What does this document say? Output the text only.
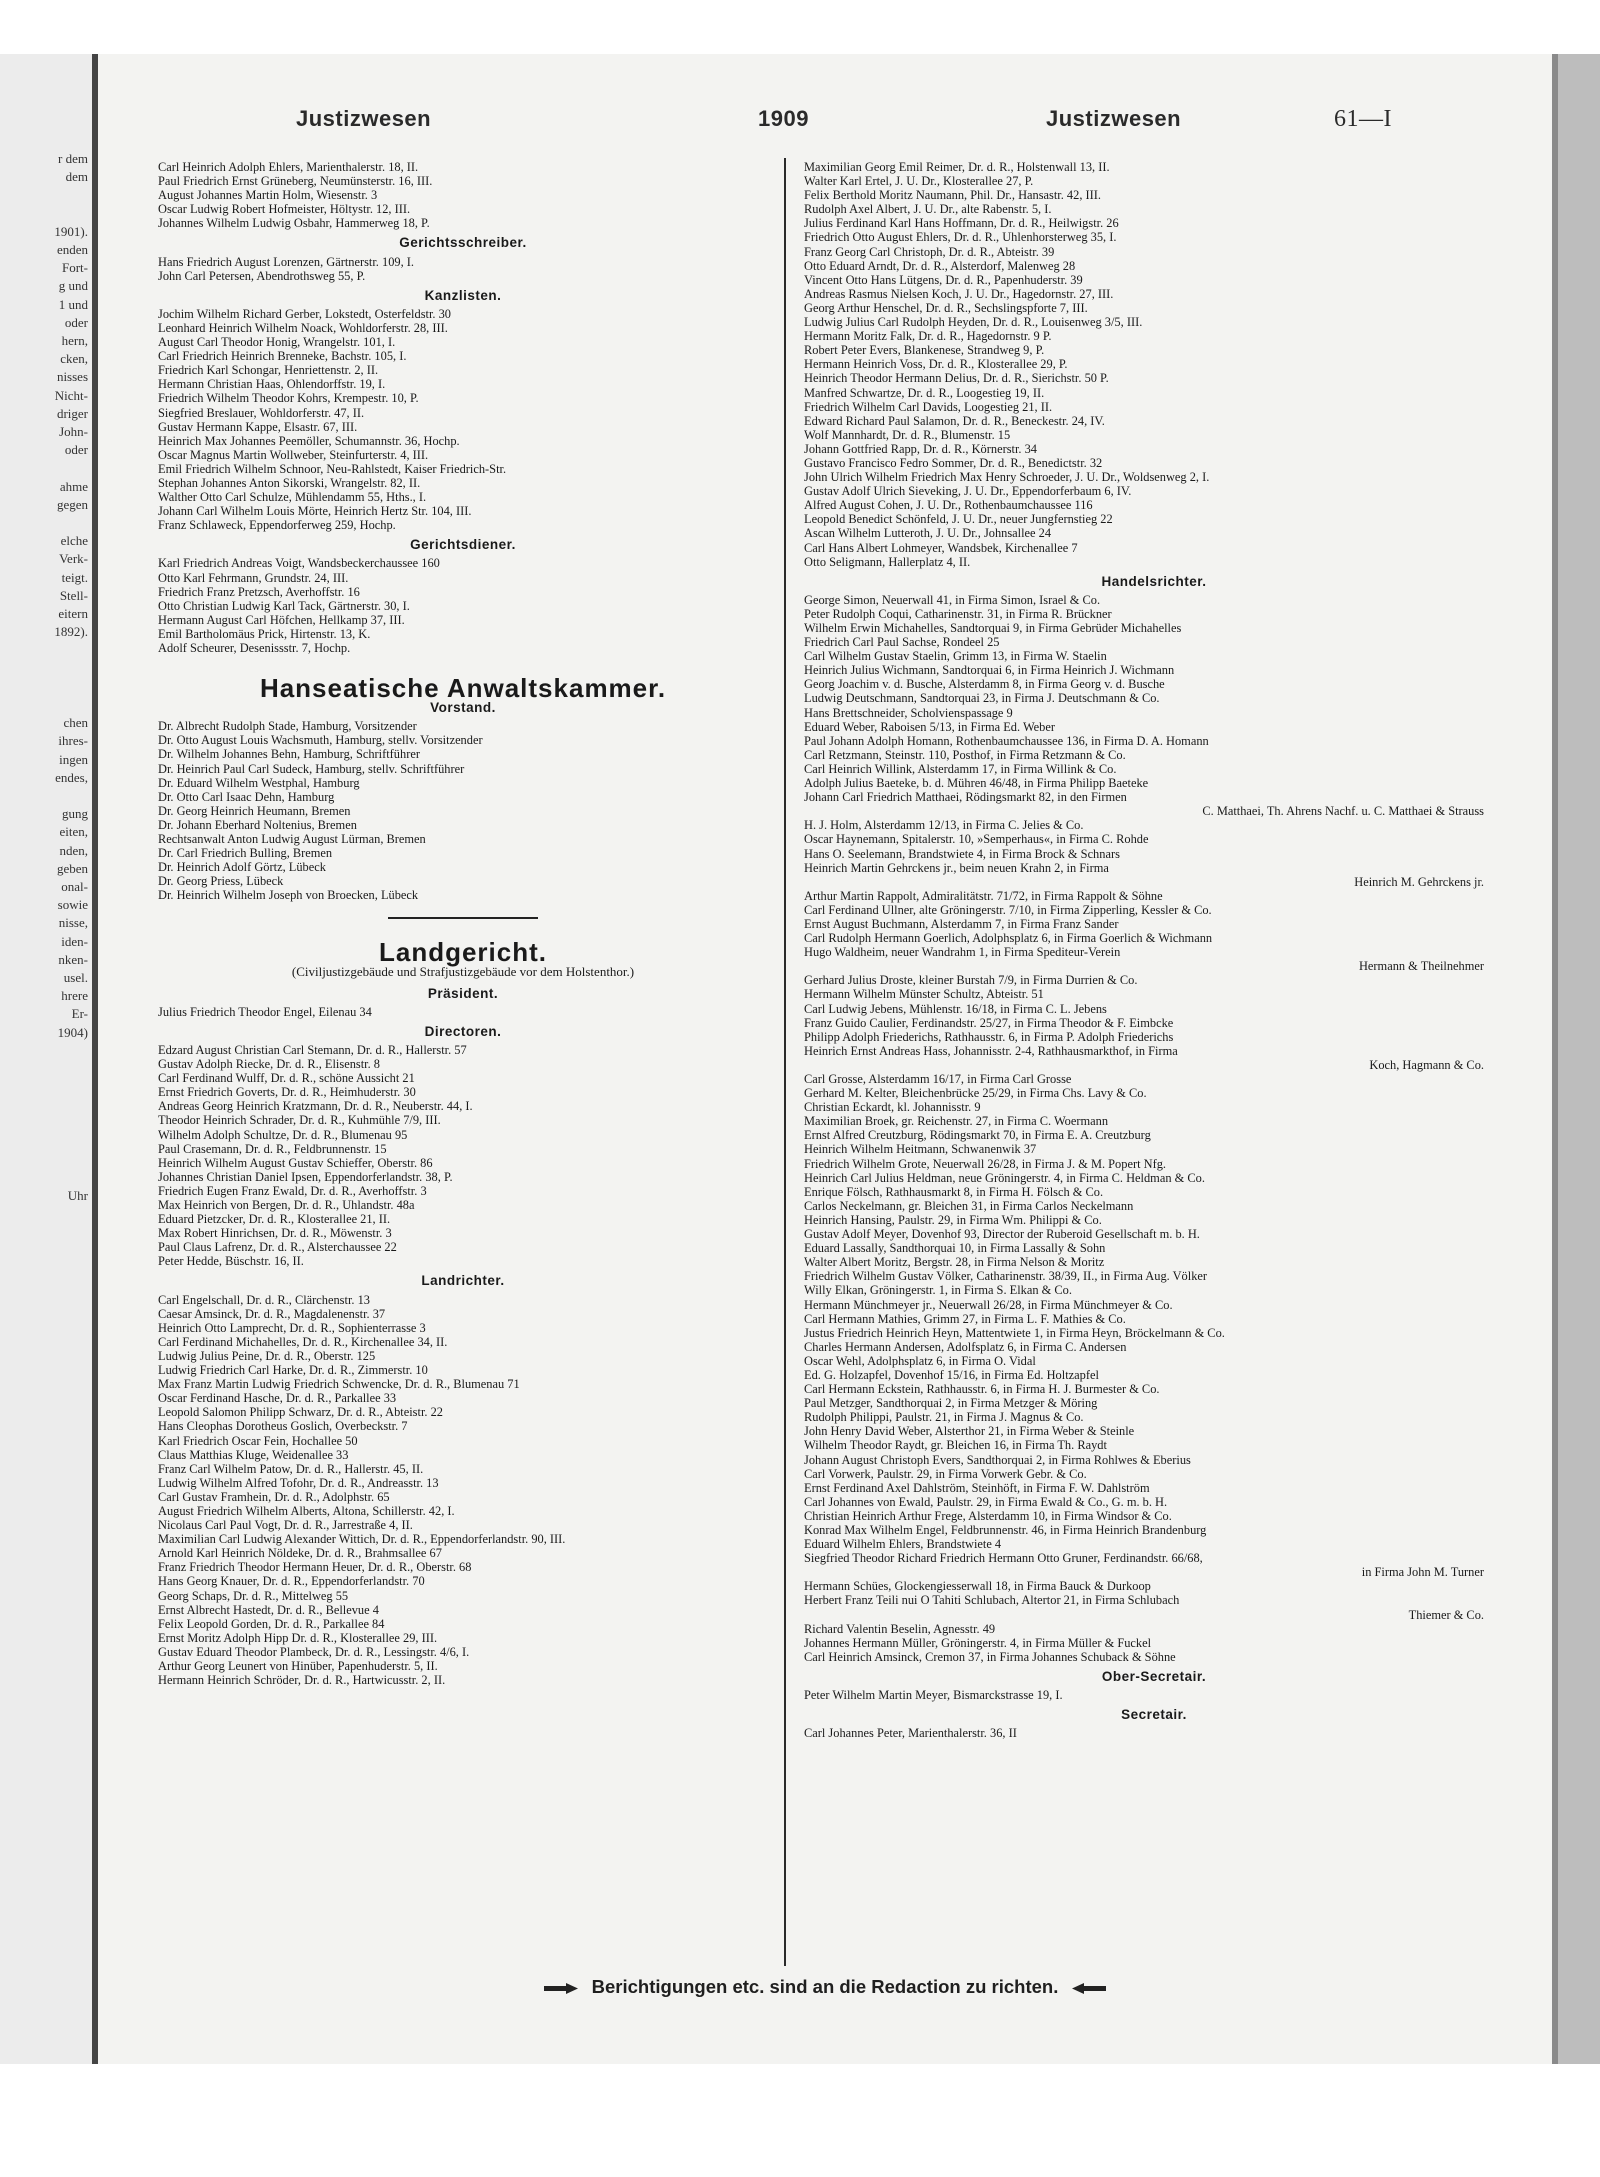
r dem
dem
1901).
enden
Fort-
g und
1 und
oder
hern,
cken,
nisses
Nicht-
driger
John-
oder
ahme
gegen
elche
Verk-
teigt.
Stell-
eitern
1892).
chen
ihres-
ingen
endes,
gung
eiten,
nden,
geben
onal-
sowie
nisse,
iden-
nken-
usel.
hrere
Er-
1904)
Uhr
Justizwesen	1909	Justizwesen	61—I
Carl Heinrich Adolph Ehlers, Marienthalerstr. 18, II.
Paul Friedrich Ernst Grüneberg, Neumünsterstr. 16, III.
August Johannes Martin Holm, Wiesenstr. 3
Oscar Ludwig Robert Hofmeister, Höltystr. 12, III.
Johannes Wilhelm Ludwig Osbahr, Hammerweg 18, P.
Gerichtsschreiber.
Hans Friedrich August Lorenzen, Gärtnerstr. 109, I.
John Carl Petersen, Abendrothsweg 55, P.
Kanzlisten.
Jochim Wilhelm Richard Gerber, Lokstedt, Osterfeldstr. 30
Leonhard Heinrich Wilhelm Noack, Wohldorferstr. 28, III.
August Carl Theodor Honig, Wrangelstr. 101, I.
Carl Friedrich Heinrich Brenneke, Bachstr. 105, I.
Friedrich Karl Schongar, Henriettenstr. 2, II.
Hermann Christian Haas, Ohlendorffstr. 19, I.
Friedrich Wilhelm Theodor Kohrs, Krempestr. 10, P.
Siegfried Breslauer, Wohldorferstr. 47, II.
Gustav Hermann Kappe, Elsastr. 67, III.
Heinrich Max Johannes Peemöller, Schumannstr. 36, Hochp.
Oscar Magnus Martin Wollweber, Steinfurterstr. 4, III.
Emil Friedrich Wilhelm Schnoor, Neu-Rahlstedt, Kaiser Friedrich-Str.
Stephan Johannes Anton Sikorski, Wrangelstr. 82, II.
Walther Otto Carl Schulze, Mühlendamm 55, Hths., I.
Johann Carl Wilhelm Louis Mörte, Heinrich Hertz Str. 104, III.
Franz Schlaweck, Eppendorferweg 259, Hochp.
Gerichtsdiener.
Karl Friedrich Andreas Voigt, Wandsbeckerchaussee 160
Otto Karl Fehrmann, Grundstr. 24, III.
Friedrich Franz Pretzsch, Averhoffstr. 16
Otto Christian Ludwig Karl Tack, Gärtnerstr. 30, I.
Hermann August Carl Höfchen, Hellkamp 37, III.
Emil Bartholomäus Prick, Hirtenstr. 13, K.
Adolf Scheurer, Desenissstr. 7, Hochp.
Hanseatische Anwaltskammer.
Vorstand.
Dr. Albrecht Rudolph Stade, Hamburg, Vorsitzender
Dr. Otto August Louis Wachsmuth, Hamburg, stellv. Vorsitzender
Dr. Wilhelm Johannes Behn, Hamburg, Schriftführer
Dr. Heinrich Paul Carl Sudeck, Hamburg, stellv. Schriftführer
Dr. Eduard Wilhelm Westphal, Hamburg
Dr. Otto Carl Isaac Dehn, Hamburg
Dr. Georg Heinrich Heumann, Bremen
Dr. Johann Eberhard Noltenius, Bremen
Rechtsanwalt Anton Ludwig August Lürman, Bremen
Dr. Carl Friedrich Bulling, Bremen
Dr. Heinrich Adolf Görtz, Lübeck
Dr. Georg Priess, Lübeck
Dr. Heinrich Wilhelm Joseph von Broecken, Lübeck
Landgericht.
(Civiljustizgebäude und Strafjustizgebäude vor dem Holstenthor.)
Präsident.
Julius Friedrich Theodor Engel, Eilenau 34
Directoren.
Edzard August Christian Carl Stemann, Dr. d. R., Hallerstr. 57
Gustav Adolph Riecke, Dr. d. R., Elisenstr. 8
Carl Ferdinand Wulff, Dr. d. R., schöne Aussicht 21
Ernst Friedrich Goverts, Dr. d. R., Heimhuderstr. 30
Andreas Georg Heinrich Kratzmann, Dr. d. R., Neuberstr. 44, I.
Theodor Heinrich Schrader, Dr. d. R., Kuhmühle 7/9, III.
Wilhelm Adolph Schultze, Dr. d. R., Blumenau 95
Paul Crasemann, Dr. d. R., Feldbrunnenstr. 15
Heinrich Wilhelm August Gustav Schieffer, Oberstr. 86
Johannes Christian Daniel Ipsen, Eppendorferlandstr. 38, P.
Friedrich Eugen Franz Ewald, Dr. d. R., Averhoffstr. 3
Max Heinrich von Bergen, Dr. d. R., Uhlandstr. 48a
Eduard Pietzcker, Dr. d. R., Klosterallee 21, II.
Max Robert Hinrichsen, Dr. d. R., Möwenstr. 3
Paul Claus Lafrenz, Dr. d. R., Alsterchaussee 22
Peter Hedde, Büschstr. 16, II.
Landrichter.
Carl Engelschall, Dr. d. R., Clärchenstr. 13
Caesar Amsinck, Dr. d. R., Magdalenenstr. 37
Heinrich Otto Lamprecht, Dr. d. R., Sophienterrasse 3
Carl Ferdinand Michahelles, Dr. d. R., Kirchenallee 34, II.
Ludwig Julius Peine, Dr. d. R., Oberstr. 125
Ludwig Friedrich Carl Harke, Dr. d. R., Zimmerstr. 10
Max Franz Martin Ludwig Friedrich Schwencke, Dr. d. R., Blumenau 71
Oscar Ferdinand Hasche, Dr. d. R., Parkallee 33
Leopold Salomon Philipp Schwarz, Dr. d. R., Abteistr. 22
Hans Cleophas Dorotheus Goslich, Overbeckstr. 7
Karl Friedrich Oscar Fein, Hochallee 50
Claus Matthias Kluge, Weidenallee 33
Franz Carl Wilhelm Patow, Dr. d. R., Hallerstr. 45, II.
Ludwig Wilhelm Alfred Tofohr, Dr. d. R., Andreasstr. 13
Carl Gustav Framhein, Dr. d. R., Adolphstr. 65
August Friedrich Wilhelm Alberts, Altona, Schillerstr. 42, I.
Nicolaus Carl Paul Vogt, Dr. d. R., Jarrestraße 4, II.
Maximilian Carl Ludwig Alexander Wittich, Dr. d. R., Eppendorferlandstr. 90, III.
Arnold Karl Heinrich Nöldeke, Dr. d. R., Brahmsallee 67
Franz Friedrich Theodor Hermann Heuer, Dr. d. R., Oberstr. 68
Hans Georg Knauer, Dr. d. R., Eppendorferlandstr. 70
Georg Schaps, Dr. d. R., Mittelweg 55
Ernst Albrecht Hastedt, Dr. d. R., Bellevue 4
Felix Leopold Gorden, Dr. d. R., Parkallee 84
Ernst Moritz Adolph Hipp Dr. d. R., Klosterallee 29, III.
Gustav Eduard Theodor Plambeck, Dr. d. R., Lessingstr. 4/6, I.
Arthur Georg Leunert von Hinüber, Papenhuderstr. 5, II.
Hermann Heinrich Schröder, Dr. d. R., Hartwicusstr. 2, II.
Maximilian Georg Emil Reimer, Dr. d. R., Holstenwall 13, II.
Walter Karl Ertel, J. U. Dr., Klosterallee 27, P.
Felix Berthold Moritz Naumann, Phil. Dr., Hansastr. 42, III.
Rudolph Axel Albert, J. U. Dr., alte Rabenstr. 5, I.
Julius Ferdinand Karl Hans Hoffmann, Dr. d. R., Heilwigstr. 26
Friedrich Otto August Ehlers, Dr. d. R., Uhlenhorsterweg 35, I.
Franz Georg Carl Christoph, Dr. d. R., Abteistr. 39
Otto Eduard Arndt, Dr. d. R., Alsterdorf, Malenweg 28
Vincent Otto Hans Lütgens, Dr. d. R., Papenhuderstr. 39
Andreas Rasmus Nielsen Koch, J. U. Dr., Hagedornstr. 27, III.
Georg Arthur Henschel, Dr. d. R., Sechslingspforte 7, III.
Ludwig Julius Carl Rudolph Heyden, Dr. d. R., Louisenweg 3/5, III.
Hermann Moritz Falk, Dr. d. R., Hagedornstr. 9 P.
Robert Peter Evers, Blankenese, Strandweg 9, P.
Hermann Heinrich Voss, Dr. d. R., Klosterallee 29, P.
Heinrich Theodor Hermann Delius, Dr. d. R., Sierichstr. 50 P.
Manfred Schwartze, Dr. d. R., Loogestieg 19, II.
Friedrich Wilhelm Carl Davids, Loogestieg 21, II.
Edward Richard Paul Salamon, Dr. d. R., Beneckestr. 24, IV.
Wolf Mannhardt, Dr. d. R., Blumenstr. 15
Johann Gottfried Rapp, Dr. d. R., Körnerstr. 34
Gustavo Francisco Fedro Sommer, Dr. d. R., Benedictstr. 32
John Ulrich Wilhelm Friedrich Max Henry Schroeder, J. U. Dr., Woldsenweg 2, I.
Gustav Adolf Ulrich Sieveking, J. U. Dr., Eppendorferbaum 6, IV.
Alfred August Cohen, J. U. Dr., Rothenbaumchaussee 116
Leopold Benedict Schönfeld, J. U. Dr., neuer Jungfernstieg 22
Ascan Wilhelm Lutteroth, J. U. Dr., Johnsallee 24
Carl Hans Albert Lohmeyer, Wandsbek, Kirchenallee 7
Otto Seligmann, Hallerplatz 4, II.
Handelsrichter.
George Simon, Neuerwall 41, in Firma Simon, Israel & Co.
Peter Rudolph Coqui, Catharinenstr. 31, in Firma R. Brückner
Wilhelm Erwin Michahelles, Sandtorquai 9, in Firma Gebrüder Michahelles
Friedrich Carl Paul Sachse, Rondeel 25
Carl Wilhelm Gustav Staelin, Grimm 13, in Firma W. Staelin
Heinrich Julius Wichmann, Sandtorquai 6, in Firma Heinrich J. Wichmann
Georg Joachim v. d. Busche, Alsterdamm 8, in Firma Georg v. d. Busche
Ludwig Deutschmann, Sandtorquai 23, in Firma J. Deutschmann & Co.
Hans Brettschneider, Scholvienspassage 9
Eduard Weber, Raboisen 5/13, in Firma Ed. Weber
Paul Johann Adolph Homann, Rothenbaumchaussee 136, in Firma D. A. Homann
Carl Retzmann, Steinstr. 110, Posthof, in Firma Retzmann & Co.
Carl Heinrich Willink, Alsterdamm 17, in Firma Willink & Co.
Adolph Julius Baeteke, b. d. Mühren 46/48, in Firma Philipp Baeteke
Johann Carl Friedrich Matthaei, Rödingsmarkt 82, in den Firmen
C. Matthaei, Th. Ahrens Nachf. u. C. Matthaei & Strauss
H. J. Holm, Alsterdamm 12/13, in Firma C. Jelies & Co.
Oscar Haynemann, Spitalerstr. 10, »Semperhaus«, in Firma C. Rohde
Hans O. Seelemann, Brandstwiete 4, in Firma Brock & Schnars
Heinrich Martin Gehrckens jr., beim neuen Krahn 2, in Firma
Heinrich M. Gehrckens jr.
Arthur Martin Rappolt, Admiralitätstr. 71/72, in Firma Rappolt & Söhne
Carl Ferdinand Ullner, alte Gröningerstr. 7/10, in Firma Zipperling, Kessler & Co.
Ernst August Buchmann, Alsterdamm 7, in Firma Franz Sander
Carl Rudolph Hermann Goerlich, Adolphsplatz 6, in Firma Goerlich & Wichmann
Hugo Waldheim, neuer Wandrahm 1, in Firma Spediteur-Verein
Hermann & Theilnehmer
Gerhard Julius Droste, kleiner Burstah 7/9, in Firma Durrien & Co.
Hermann Wilhelm Münster Schultz, Abteistr. 51
Carl Ludwig Jebens, Mühlenstr. 16/18, in Firma C. L. Jebens
Franz Guido Caulier, Ferdinandstr. 25/27, in Firma Theodor & F. Eimbcke
Philipp Adolph Friederichs, Rathhausstr. 6, in Firma P. Adolph Friederichs
Heinrich Ernst Andreas Hass, Johannisstr. 2-4, Rathhausmarkthof, in Firma
Koch, Hagmann & Co.
Carl Grosse, Alsterdamm 16/17, in Firma Carl Grosse
Gerhard M. Kelter, Bleichenbrücke 25/29, in Firma Chs. Lavy & Co.
Christian Eckardt, kl. Johannisstr. 9
Maximilian Broek, gr. Reichenstr. 27, in Firma C. Woermann
Ernst Alfred Creutzburg, Rödingsmarkt 70, in Firma E. A. Creutzburg
Heinrich Wilhelm Heitmann, Schwanenwik 37
Friedrich Wilhelm Grote, Neuerwall 26/28, in Firma J. & M. Popert Nfg.
Heinrich Carl Julius Heldman, neue Gröningerstr. 4, in Firma C. Heldman & Co.
Enrique Fölsch, Rathhausmarkt 8, in Firma H. Fölsch & Co.
Carlos Neckelmann, gr. Bleichen 31, in Firma Carlos Neckelmann
Heinrich Hansing, Paulstr. 29, in Firma Wm. Philippi & Co.
Gustav Adolf Meyer, Dovenhof 93, Director der Ruberoid Gesellschaft m. b. H.
Eduard Lassally, Sandthorquai 10, in Firma Lassally & Sohn
Walter Albert Moritz, Bergstr. 28, in Firma Nelson & Moritz
Friedrich Wilhelm Gustav Völker, Catharinenstr. 38/39, II., in Firma Aug. Völker
Willy Elkan, Gröningerstr. 1, in Firma S. Elkan & Co.
Hermann Münchmeyer jr., Neuerwall 26/28, in Firma Münchmeyer & Co.
Carl Hermann Mathies, Grimm 27, in Firma L. F. Mathies & Co.
Justus Friedrich Heinrich Heyn, Mattentwiete 1, in Firma Heyn, Bröckelmann & Co.
Charles Hermann Andersen, Adolfsplatz 6, in Firma C. Andersen
Oscar Wehl, Adolphsplatz 6, in Firma O. Vidal
Ed. G. Holzapfel, Dovenhof 15/16, in Firma Ed. Holtzapfel
Carl Hermann Eckstein, Rathhausstr. 6, in Firma H. J. Burmester & Co.
Paul Metzger, Sandthorquai 2, in Firma Metzger & Möring
Rudolph Philippi, Paulstr. 21, in Firma J. Magnus & Co.
John Henry David Weber, Alsterthor 21, in Firma Weber & Steinle
Wilhelm Theodor Raydt, gr. Bleichen 16, in Firma Th. Raydt
Johann August Christoph Evers, Sandthorquai 2, in Firma Rohlwes & Eberius
Carl Vorwerk, Paulstr. 29, in Firma Vorwerk Gebr. & Co.
Ernst Ferdinand Axel Dahlström, Steinhöft, in Firma F. W. Dahlström
Carl Johannes von Ewald, Paulstr. 29, in Firma Ewald & Co., G. m. b. H.
Christian Heinrich Arthur Frege, Alsterdamm 10, in Firma Windsor & Co.
Konrad Max Wilhelm Engel, Feldbrunnenstr. 46, in Firma Heinrich Brandenburg
Eduard Wilhelm Ehlers, Brandstwiete 4
Siegfried Theodor Richard Friedrich Hermann Otto Gruner, Ferdinandstr. 66/68,
in Firma John M. Turner
Hermann Schües, Glockengiesserwall 18, in Firma Bauck & Durkoop
Herbert Franz Teili nui O Tahiti Schlubach, Altertor 21, in Firma Schlubach
Thiemer & Co.
Richard Valentin Beselin, Agnesstr. 49
Johannes Hermann Müller, Gröningerstr. 4, in Firma Müller & Fuckel
Carl Heinrich Amsinck, Cremon 37, in Firma Johannes Schuback & Söhne
Ober-Secretair.
Peter Wilhelm Martin Meyer, Bismarckstrasse 19, I.
Secretair.
Carl Johannes Peter, Marienthalerstr. 36, II
Berichtigungen etc. sind an die Redaction zu richten.
